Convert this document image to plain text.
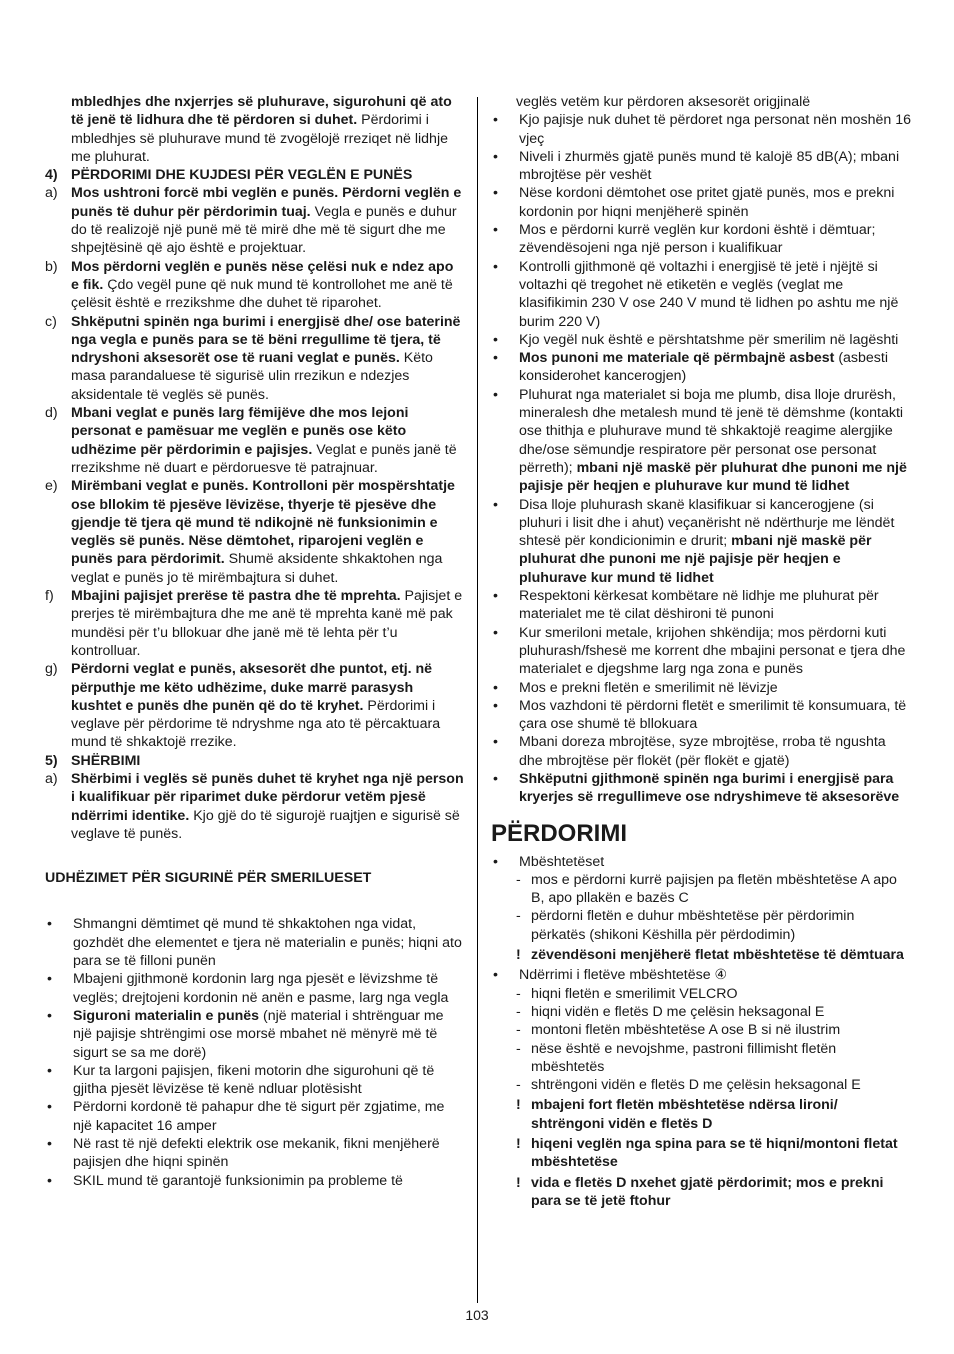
mbledhjes dhe nxjerrjes së pluhurave, sigurohuni që ato të jenë të lidhura dhe të përdoren si duhet. Përdorimi i mbledhjes së pluhurave mund të zvogëlojë rreziqet në lidhje me pluhurat.
4) PËRDORIMI DHE KUJDESI PËR VEGLËN E PUNËS
a) Mos ushtroni forcë mbi veglën e punës. Përdorni veglën e punës të duhur për përdorimin tuaj. Vegla e punës e duhur do të realizojë një punë më të mirë dhe më të sigurt dhe me shpejtësinë që ajo është e projektuar.
b) Mos përdorni veglën e punës nëse çelësi nuk e ndez apo e fik. Çdo vegël pune që nuk mund të kontrollohet me anë të çelësit është e rrezikshme dhe duhet të riparohet.
c) Shkëputni spinën nga burimi i energjisë dhe/ ose baterinë nga vegla e punës para se të bëni rregullime të tjera, të ndryshoni aksesorët ose të ruani veglat e punës. Këto masa parandaluese të sigurisë ulin rrezikun e ndezjes aksidentale të veglës së punës.
d) Mbani veglat e punës larg fëmijëve dhe mos lejoni personat e pamësuar me veglën e punës ose këto udhëzime për përdorimin e pajisjes. Veglat e punës janë të rrezikshme në duart e përdoruesve të patrajnuar.
e) Mirëmbani veglat e punës. Kontrolloni për mospërshtatje ose bllokim të pjesëve lëvizëse, thyerje të pjesëve dhe gjendje të tjera që mund të ndikojnë në funksionimin e veglës së punës. Nëse dëmtohet, riparojeni veglën e punës para përdorimit. Shumë aksidente shkaktohen nga veglat e punës jo të mirëmbajtura si duhet.
f)	Mbajini pajisjet prerëse të pastra dhe të mprehta. Pajisjet e prerjes të mirëmbajtura dhe me anë të mprehta kanë më pak mundësi për t’u bllokuar dhe janë më të lehta për t’u kontrolluar.
g) Përdorni veglat e punës, aksesorët dhe puntot, etj. në përputhje me këto udhëzime, duke marrë parasysh kushtet e punës dhe punën që do të kryhet. Përdorimi i veglave për përdorime të ndryshme nga ato të përcaktuara mund të shkaktojë rrezike.
5) SHËRBIMI
a) Shërbimi i veglës së punës duhet të kryhet nga një person i kualifikuar për riparimet duke përdorur vetëm pjesë ndërrimi identike. Kjo gjë do të sigurojë ruajtjen e sigurisë së veglave të punës.
UDHËZIMET PËR SIGURINË PËR SMERILUESET
•	Shmangni dëmtimet që mund të shkaktohen nga vidat, gozhdët dhe elementet e tjera në materialin e punës; hiqni ato para se të filloni punën
•	Mbajeni gjithmonë kordonin larg nga pjesët e lëvizshme të veglës; drejtojeni kordonin në anën e pasme, larg nga vegla
•	Siguroni materialin e punës (një material i shtrënguar me një pajisje shtrëngimi ose morsë mbahet në mënyrë më të sigurt se sa me dorë)
•	Kur ta largoni pajisjen, fikeni motorin dhe sigurohuni që të gjitha pjesët lëvizëse të kenë ndluar plotësisht
•	Përdorni kordonë të pahapur dhe të sigurt për zgjatime, me një kapacitet 16 amper
•	Në rast të një defekti elektrik ose mekanik, fikni menjëherë pajisjen dhe hiqni spinën
•	SKIL mund të garantojë funksionimin pa probleme të
veglës vetëm kur përdoren aksesorët origjinalë
•	Kjo pajisje nuk duhet të përdoret nga personat nën moshën 16 vjeç
•	Niveli i zhurmës gjatë punës mund të kalojë 85 dB(A); mbani mbrojtëse për veshët
•	Nëse kordoni dëmtohet ose pritet gjatë punës, mos e prekni kordonin por hiqni menjëherë spinën
•	Mos e përdorni kurrë veglën kur kordoni është i dëmtuar; zëvendësojeni nga një person i kualifikuar
•	Kontrolli gjithmonë që voltazhi i energjisë të jetë i njëjtë si voltazhi që tregohet në etiketën e veglës (veglat me klasifikimin 230 V ose 240 V mund të lidhen po ashtu me një burim 220 V)
•	Kjo vegël nuk është e përshtatshme për smerilim në lagështi
•	Mos punoni me materiale që përmbajnë asbest (asbesti konsiderohet kancerogjen)
•	Pluhurat nga materialet si boja me plumb, disa lloje drurësh, mineralesh dhe metalesh mund të jenë të dëmshme (kontakti ose thithja e pluhurave mund të shkaktojë reagime alergjike dhe/ose sëmundje respiratore për personat ose personat përreth); mbani një maskë për pluhurat dhe punoni me një pajisje për heqjen e pluhurave kur mund të lidhet
•	Disa lloje pluhurash skanë klasifikuar si kancerogjene (si pluhuri i lisit dhe i ahut) veçanërisht në ndërthurje me lëndët shtesë për kondicionimin e drurit; mbani një maskë për pluhurat dhe punoni me një pajisje për heqjen e pluhurave kur mund të lidhet
•	Respektoni kërkesat kombëtare në lidhje me pluhurat për materialet me të cilat dëshironi të punoni
•	Kur smeriloni metale, krijohen shkëndija; mos përdorni kuti pluhurash/fshesë me korrent dhe mbajini personat e tjera dhe materialet e djegshme larg nga zona e punës
•	Mos e prekni fletën e smerilimit në lëvizje
•	Mos vazhdoni të përdorni fletët e smerilimit të konsumuara, të çara ose shumë të bllokuara
•	Mbani doreza mbrojtëse, syze mbrojtëse, rroba të ngushta dhe mbrojtëse për flokët (për flokët e gjatë)
•	Shkëputni gjithmonë spinën nga burimi i energjisë para kryerjes së rregullimeve ose ndryshimeve të aksesorëve
PËRDORIMI
•	Mbështetëset
- mos e përdorni kurrë pajisjen pa fletën mbështetëse A apo B, apo pllakën e bazës C
- përdorni fletën e duhur mbështetëse për përdorimin përkatës (shikoni Këshilla për përdodimin)
! zëvendësoni menjëherë fletat mbështetëse të dëmtuara
•	Ndërrimi i fletëve mbështetëse ④
- hiqni fletën e smerilimit VELCRO
- hiqni vidën e fletës D me çelësin heksagonal E
- montoni fletën mbështetëse A ose B si në ilustrim
- nëse është e nevojshme, pastroni fillimisht fletën mbështetës
- shtrëngoni vidën e fletës D me çelësin heksagonal E
! mbajeni fort fletën mbështetëse ndërsa lironi/ shtrëngoni vidën e fletës D
! hiqeni veglën nga spina para se të hiqni/montoni fletat mbështetëse
! vida e fletës D nxehet gjatë përdorimit; mos e prekni para se të jetë ftohur
103
